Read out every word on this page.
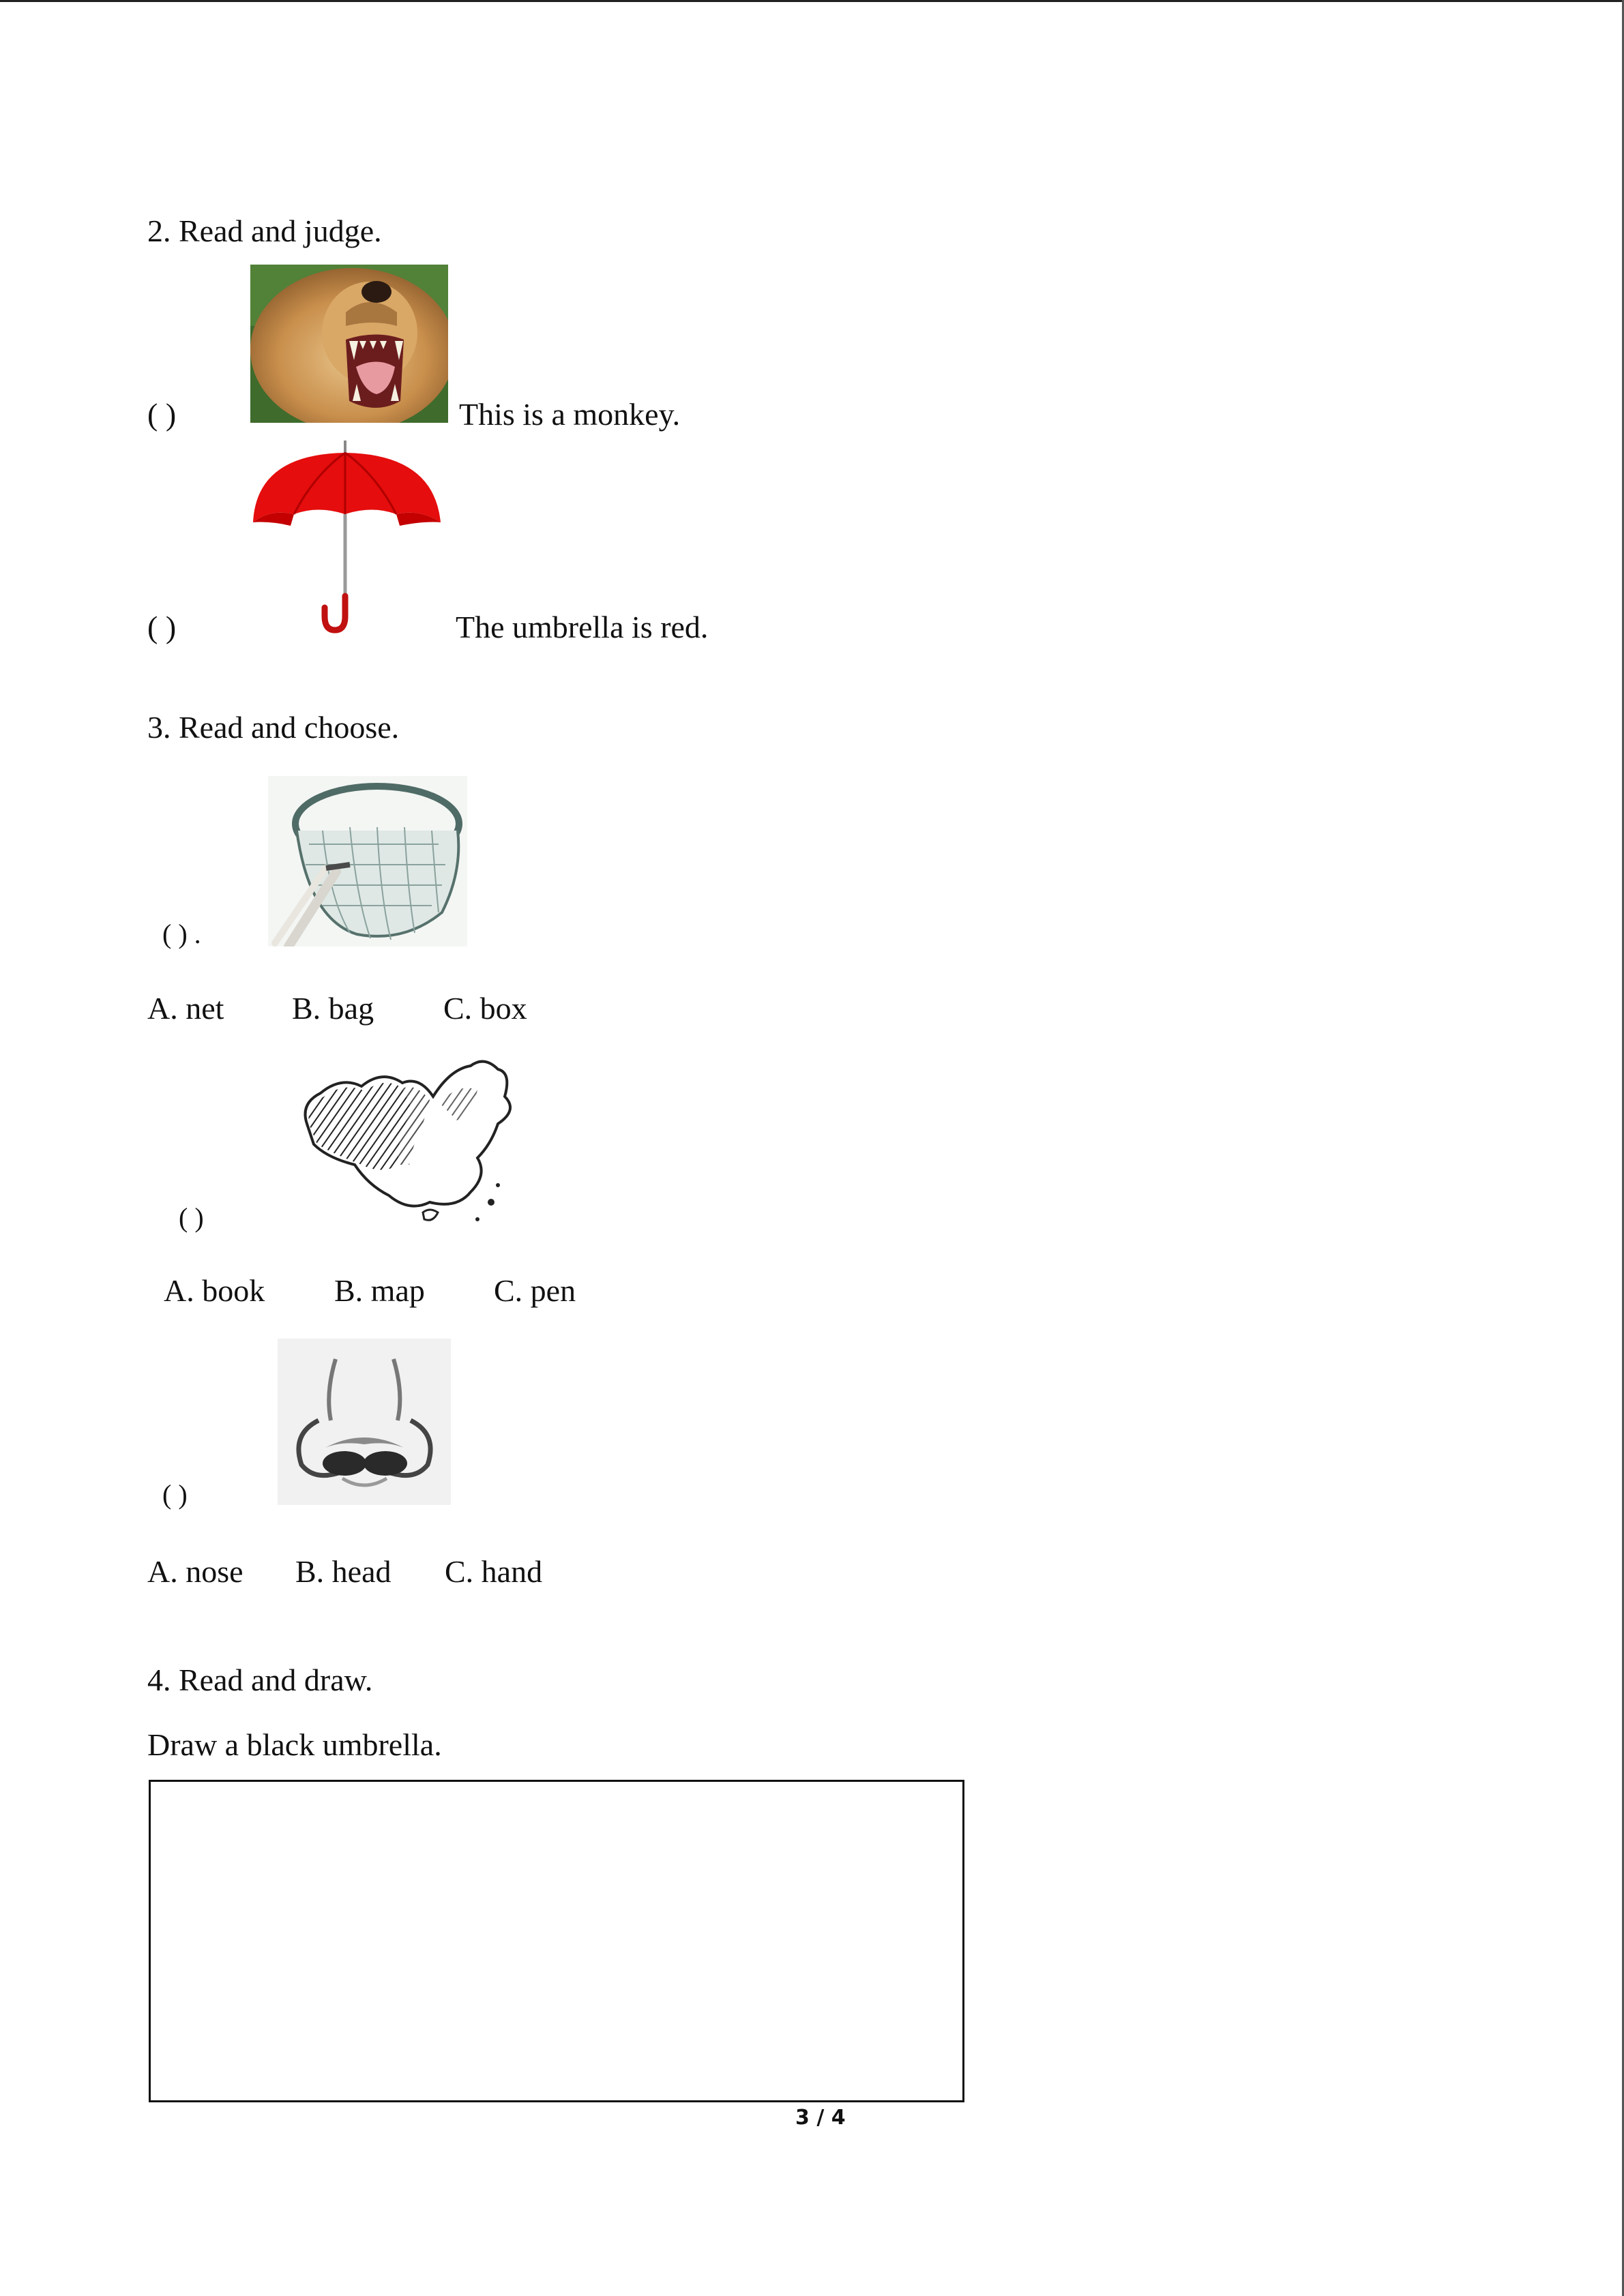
2. Read and judge.
( )	This is a monkey.
( )	The umbrella is red.
3. Read and choose.
( ) .
A. net B. bag C. box
( )
A. book B. map C. pen
( )
A. nose B. head C. hand
4. Read and draw.
Draw a black umbrella.
3 / 4
